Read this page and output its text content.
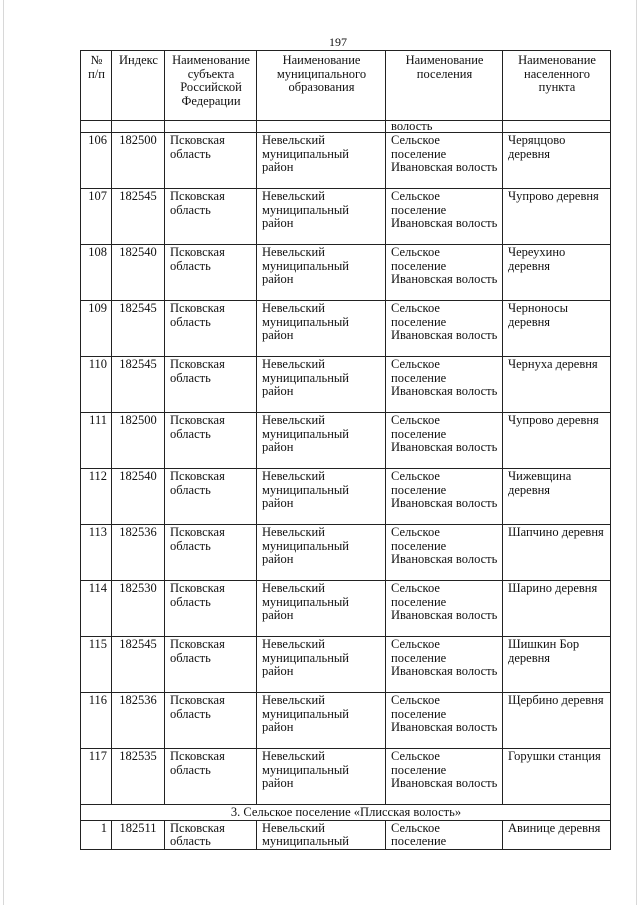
197
№ п/п	Индекс	Наименование субъекта Российской Федерации	Наименование муниципального образования	Наименование поселения	Наименование населенного пункта
				волость	
106	182500	Псковская область	Невельский муниципальный район	Сельское поселение Ивановская волость	Черяццово деревня
107	182545	Псковская область	Невельский муниципальный район	Сельское поселение Ивановская волость	Чупрово деревня
108	182540	Псковская область	Невельский муниципальный район	Сельское поселение Ивановская волость	Череухино деревня
109	182545	Псковская область	Невельский муниципальный район	Сельское поселение Ивановская волость	Черноносы деревня
110	182545	Псковская область	Невельский муниципальный район	Сельское поселение Ивановская волость	Чернуха деревня
111	182500	Псковская область	Невельский муниципальный район	Сельское поселение Ивановская волость	Чупрово деревня
112	182540	Псковская область	Невельский муниципальный район	Сельское поселение Ивановская волость	Чижевщина деревня
113	182536	Псковская область	Невельский муниципальный район	Сельское поселение Ивановская волость	Шапчино деревня
114	182530	Псковская область	Невельский муниципальный район	Сельское поселение Ивановская волость	Шарино деревня
115	182545	Псковская область	Невельский муниципальный район	Сельское поселение Ивановская волость	Шишкин Бор деревня
116	182536	Псковская область	Невельский муниципальный район	Сельское поселение Ивановская волость	Щербино деревня
117	182535	Псковская область	Невельский муниципальный район	Сельское поселение Ивановская волость	Горушки станция
3. Сельское поселение «Плисская волость»					
1	182511	Псковская область	Невельский муниципальный	Сельское поселение	Авиницe деревня
